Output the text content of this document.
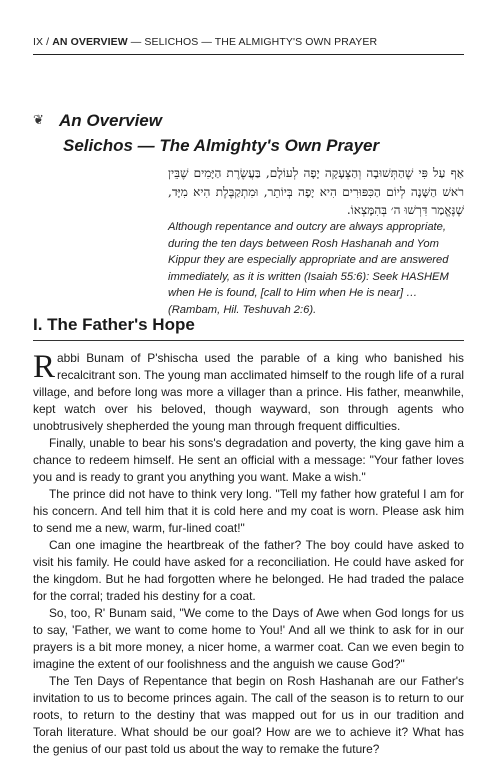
IX / AN OVERVIEW — SELICHOS — THE ALMIGHTY'S OWN PRAYER
❦ An Overview
Selichos — The Almighty's Own Prayer
אַף עַל פִּי שֶׁהַתְּשׁוּבָה וְהַצְּעָקָה יָפָה לְעוֹלָם, בַּעֲשֶׂרֶת הַיָּמִים שֶׁבֵּין רֹאשׁ הַשָּׁנָה לְיוֹם הַכִּפּוּרִים הִיא יָפָה בְּיוֹתֵר, וּמִתְקַבֶּלֶת הִיא מִיָּד, שֶׁנֶּאֱמַר דִּרְשׁוּ ה׳ בְּהִמָּצְאוֹ.
Although repentance and outcry are always appropriate, during the ten days between Rosh Hashanah and Yom Kippur they are especially appropriate and are answered immediately, as it is written (Isaiah 55:6): Seek HASHEM when He is found, [call to Him when He is near] … (Rambam, Hil. Teshuvah 2:6).
I. The Father's Hope

Rabbi Bunam of P'shischa used the parable of a king who banished his recalcitrant son. The young man acclimated himself to the rough life of a rural village, and before long was more a villager than a prince. His father, meanwhile, kept watch over his beloved, though wayward, son through agents who unobtrusively shepherded the young man through frequent difficulties.

Finally, unable to bear his sons's degradation and poverty, the king gave him a chance to redeem himself. He sent an official with a message: "Your father loves you and is ready to grant you anything you want. Make a wish."

The prince did not have to think very long. "Tell my father how grateful I am for his concern. And tell him that it is cold here and my coat is worn. Please ask him to send me a new, warm, fur-lined coat!"

Can one imagine the heartbreak of the father? The boy could have asked to visit his family. He could have asked for a reconciliation. He could have asked for the kingdom. But he had forgotten where he belonged. He had traded the palace for the corral; traded his destiny for a coat.

So, too, R' Bunam said, "We come to the Days of Awe when God longs for us to say, 'Father, we want to come home to You!' And all we think to ask for in our prayers is a bit more money, a nicer home, a warmer coat. Can we even begin to imagine the extent of our foolishness and the anguish we cause God?"

The Ten Days of Repentance that begin on Rosh Hashanah are our Father's invitation to us to become princes again. The call of the season is to return to our roots, to return to the destiny that was mapped out for us in our tradition and Torah literature. What should be our goal? How are we to achieve it? What has the genius of our past told us about the way to remake the future?
